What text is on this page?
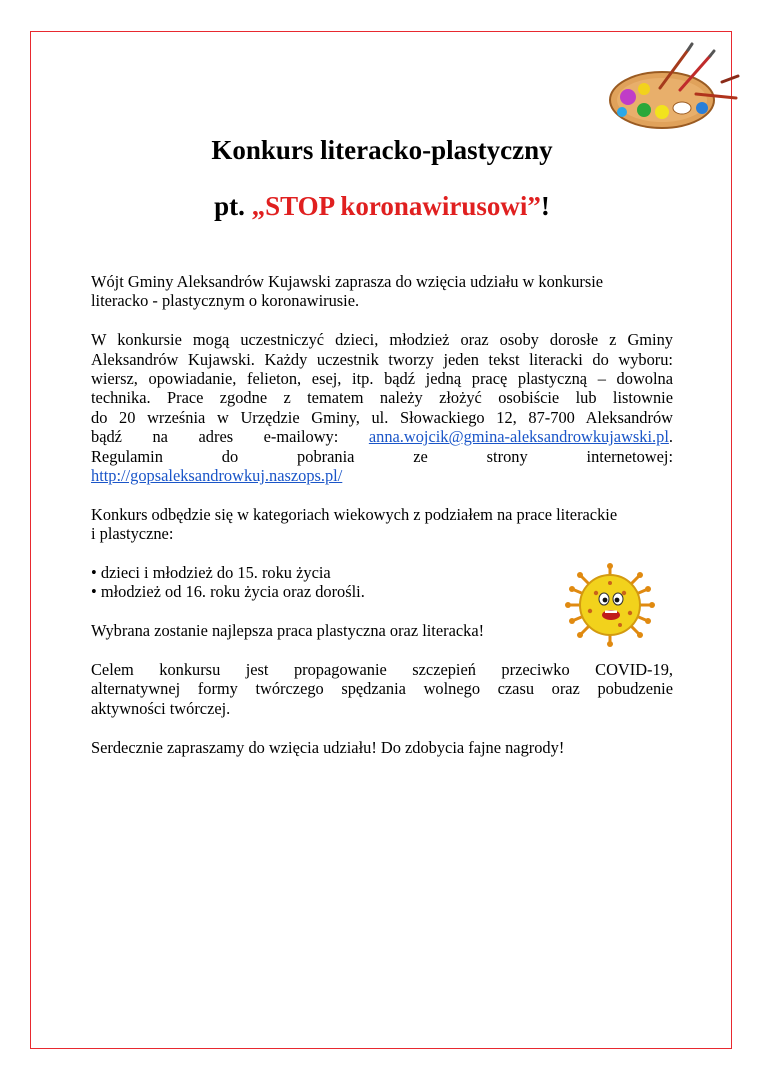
Konkurs literacko-plastyczny
pt. „STOP koronawirusowi”!

Wójt Gminy Aleksandrów Kujawski zaprasza do wzięcia udziału w konkursie
literacko - plastycznym o koronawirusie.

W konkursie mogą uczestniczyć dzieci, młodzież oraz osoby dorosłe z Gminy
Aleksandrów Kujawski. Każdy uczestnik tworzy jeden tekst literacki do wyboru:
wiersz, opowiadanie, felieton, esej, itp. bądź jedną pracę plastyczną – dowolna
technika. Prace zgodne z tematem należy złożyć osobiście lub listownie
do 20 września w Urzędzie Gminy, ul. Słowackiego 12, 87-700 Aleksandrów
bądź na adres e-mailowy: anna.wojcik@gmina-aleksandrowkujawski.pl.
Regulamin do pobrania ze strony internetowej:
http://gopsaleksandrowkuj.naszops.pl/

Konkurs odbędzie się w kategoriach wiekowych z podziałem na prace literackie
i plastyczne:

• dzieci i młodzież do 15. roku życia
• młodzież od 16. roku życia oraz dorośli.

Wybrana zostanie najlepsza praca plastyczna oraz literacka!

Celem konkursu jest propagowanie szczepień przeciwko COVID-19,
alternatywnej formy twórczego spędzania wolnego czasu oraz pobudzenie
aktywności twórczej.

Serdecznie zapraszamy do wzięcia udziału! Do zdobycia fajne nagrody!
